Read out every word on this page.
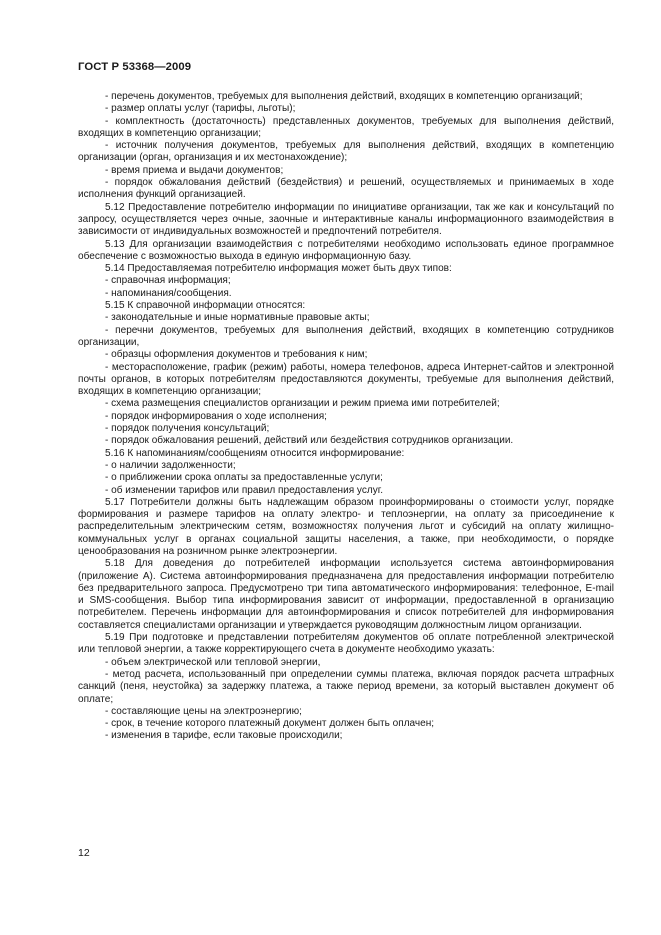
ГОСТ Р 53368—2009

- перечень документов, требуемых для выполнения действий, входящих в компетенцию организаций;

- размер оплаты услуг (тарифы, льготы);

- комплектность (достаточность) представленных документов, требуемых для выполнения действий, входящих в компетенцию организации;

- источник получения документов, требуемых для выполнения действий, входящих в компетенцию организации (орган, организация и их местонахождение);

- время приема и выдачи документов;

- порядок обжалования действий (бездействия) и решений, осуществляемых и принимаемых в ходе исполнения функций организацией.

5.12 Предоставление потребителю информации по инициативе организации, так же как и консультаций по запросу, осуществляется через очные, заочные и интерактивные каналы информационного взаимодействия в зависимости от индивидуальных возможностей и предпочтений потребителя.

5.13 Для организации взаимодействия с потребителями необходимо использовать единое программное обеспечение с возможностью выхода в единую информационную базу.

5.14 Предоставляемая потребителю информация может быть двух типов:

- справочная информация;

- напоминания/сообщения.

5.15 К справочной информации относятся:

- законодательные и иные нормативные правовые акты;

- перечни документов, требуемых для выполнения действий, входящих в компетенцию сотрудников организации,

- образцы оформления документов и требования к ним;

- месторасположение, график (режим) работы, номера телефонов, адреса Интернет-сайтов и электронной почты органов, в которых потребителям предоставляются документы, требуемые для выполнения действий, входящих в компетенцию организации;

- схема размещения специалистов организации и режим приема ими потребителей;

- порядок информирования о ходе исполнения;

- порядок получения консультаций;

- порядок обжалования решений, действий или бездействия сотрудников организации.

5.16 К напоминаниям/сообщениям относится информирование:

- о наличии задолженности;

- о приближении срока оплаты за предоставленные услуги;

- об изменении тарифов или правил предоставления услуг.

5.17 Потребители должны быть надлежащим образом проинформированы о стоимости услуг, порядке формирования и размере тарифов на оплату электро- и теплоэнергии, на оплату за присоединение к распределительным электрическим сетям, возможностях получения льгот и субсидий на оплату жилищно-коммунальных услуг в органах социальной защиты населения, а также, при необходимости, о порядке ценообразования на розничном рынке электроэнергии.

5.18 Для доведения до потребителей информации используется система автоинформирования (приложение А). Система автоинформирования предназначена для предоставления информации потребителю без предварительного запроса. Предусмотрено три типа автоматического информирования: телефонное, E-mail и SMS-сообщения. Выбор типа информирования зависит от информации, предоставленной в организацию потребителем. Перечень информации для автоинформирования и список потребителей для информирования составляется специалистами организации и утверждается руководящим должностным лицом организации.

5.19 При подготовке и представлении потребителям документов об оплате потребленной электрической или тепловой энергии, а также корректирующего счета в документе необходимо указать:

- объем электрической или тепловой энергии,

- метод расчета, использованный при определении суммы платежа, включая порядок расчета штрафных санкций (пеня, неустойка) за задержку платежа, а также период времени, за который выставлен документ об оплате;

- составляющие цены на электроэнергию;

- срок, в течение которого платежный документ должен быть оплачен;

- изменения в тарифе, если таковые происходили;

12
